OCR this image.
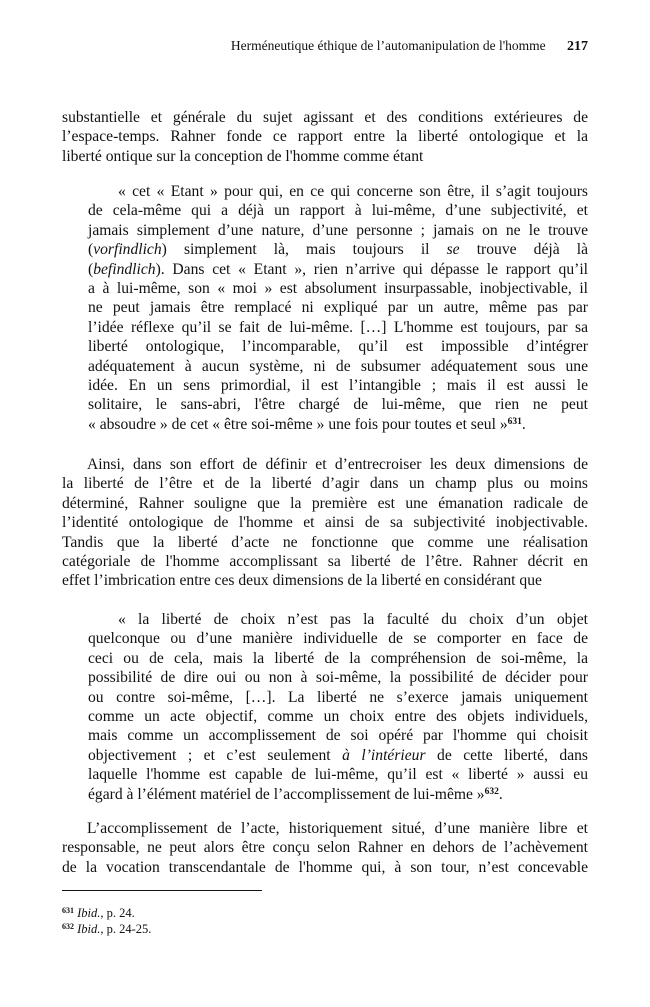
Herméneutique éthique de l’automanipulation de l'homme 217
substantielle et générale du sujet agissant et des conditions extérieures de
l’espace-temps. Rahner fonde ce rapport entre la liberté ontologique et la
liberté ontique sur la conception de l'homme comme étant
« cet « Etant » pour qui, en ce qui concerne son être, il s’agit toujours
de cela-même qui a déjà un rapport à lui-même, d’une subjectivité, et
jamais simplement d’une nature, d’une personne ; jamais on ne le trouve
(vorfindlich) simplement là, mais toujours il se trouve déjà là
(befindlich). Dans cet « Etant », rien n’arrive qui dépasse le rapport qu’il
a à lui-même, son « moi » est absolument insurpassable, inobjectivable, il
ne peut jamais être remplacé ni expliqué par un autre, même pas par
l’idée réflexe qu’il se fait de lui-même. […] L'homme est toujours, par sa
liberté ontologique, l’incomparable, qu’il est impossible d’intégrer
adéquatement à aucun système, ni de subsumer adéquatement sous une
idée. En un sens primordial, il est l’intangible ; mais il est aussi le
solitaire, le sans-abri, l'être chargé de lui-même, que rien ne peut
« absoudre » de cet « être soi-même » une fois pour toutes et seul »$^{631}$.
Ainsi, dans son effort de définir et d’entrecroiser les deux dimensions de
la liberté de l’être et de la liberté d’agir dans un champ plus ou moins
déterminé, Rahner souligne que la première est une émanation radicale de
l’identité ontologique de l'homme et ainsi de sa subjectivité inobjectivable.
Tandis que la liberté d’acte ne fonctionne que comme une réalisation
catégoriale de l'homme accomplissant sa liberté de l’être. Rahner décrit en
effet l’imbrication entre ces deux dimensions de la liberté en considérant que
« la liberté de choix n’est pas la faculté du choix d’un objet
quelconque ou d’une manière individuelle de se comporter en face de
ceci ou de cela, mais la liberté de la compréhension de soi-même, la
possibilité de dire oui ou non à soi-même, la possibilité de décider pour
ou contre soi-même, […]. La liberté ne s’exerce jamais uniquement
comme un acte objectif, comme un choix entre des objets individuels,
mais comme un accomplissement de soi opéré par l'homme qui choisit
objectivement ; et c’est seulement à l’intérieur de cette liberté, dans
laquelle l'homme est capable de lui-même, qu’il est « liberté » aussi eu
égard à l’élément matériel de l’accomplissement de lui-même »$^{632}$.
L’accomplissement de l’acte, historiquement situé, d’une manière libre et
responsable, ne peut alors être conçu selon Rahner en dehors de l’achèvement
de la vocation transcendantale de l'homme qui, à son tour, n’est concevable
$^{631}$ Ibid., p. 24.
$^{632}$ Ibid., p. 24-25.
